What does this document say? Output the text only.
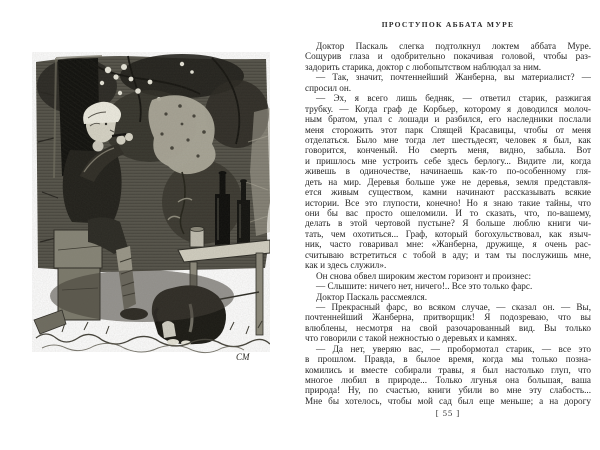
CM
ПРОСТУПОК АББАТА МУРЕ
Доктор Паскаль слегка подтолкнул локтем аббата Муре.
Сощурив глаза и одобрительно покачивая головой, чтобы раз-
задорить старика, доктор с любопытством наблюдал за ним.
— Так, значит, почтеннейший Жанберна, вы материалист? —
спросил он.
— Эх, я всего лишь бедняк, — ответил старик, разжигая
трубку. — Когда граф де Корбьер, которому я доводился молоч-
ным братом, упал с лошади и разбился, его наследники послали
меня сторожить этот парк Спящей Красавицы, чтобы от меня
отделаться. Было мне тогда лет шестьдесят, человек я был, как
говорится, конченый. Но смерть меня, видно, забыла. Вот
и пришлось мне устроить себе здесь берлогу... Видите ли, когда
живешь в одиночестве, начинаешь как-то по-особенному гля-
деть на мир. Деревья больше уже не деревья, земля представля-
ется живым существом, камни начинают рассказывать всякие
истории. Все это глупости, конечно! Но я знаю такие тайны, что
они бы вас просто ошеломили. И то сказать, что, по-вашему,
делать в этой чертовой пустыне? Я больше люблю книги чи-
тать, чем охотиться... Граф, который богохульствовал, как языч-
ник, часто говаривал мне: «Жанберна, дружище, я очень рас-
считываю встретиться с тобой в аду; и там ты послужишь мне,
как и здесь служил».
Он снова обвел широким жестом горизонт и произнес:
— Слышите: ничего нет, ничего!.. Все это только фарс.
Доктор Паскаль рассмеялся.
— Прекрасный фарс, во всяком случае, — сказал он. — Вы,
почтеннейший Жанберна, притворщик! Я подозреваю, что вы
влюблены, несмотря на свой разочарованный вид. Вы только
что говорили с такой нежностью о деревьях и камнях.
— Да нет, уверяю вас, — пробормотал старик, — все это
в прошлом. Правда, в былое время, когда мы только позна-
комились и вместе собирали травы, я был настолько глуп, что
многое любил в природе... Только лгунья она большая, ваша
природа! Ну, по счастью, книги убили во мне эту слабость...
Мне бы хотелось, чтобы мой сад был еще меньше; а на дорогу
[ 55 ]
